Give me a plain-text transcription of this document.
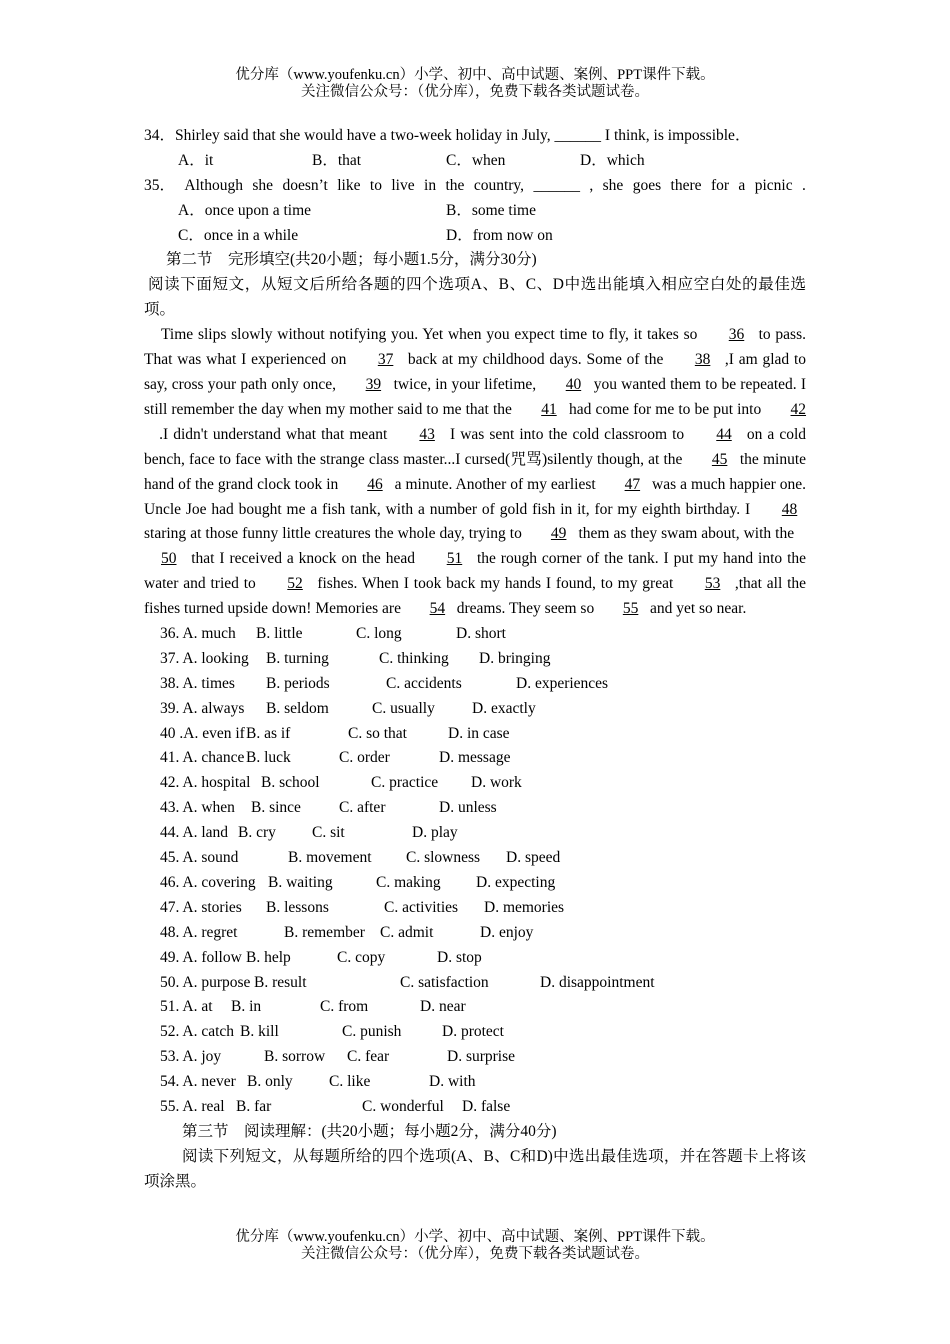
优分库（www.youfenku.cn）小学、初中、高中试题、案例、PPT课件下载。
关注微信公众号：（优分库），免费下载各类试题试卷。
34．Shirley said that she would have a two-week holiday in July, ______ I think, is impossible．
A．it	B．that	C．when	D．which
35． Although she doesn’t like to live in the country, ______ , she goes there for a picnic .
A．once upon a time	B．some time
C．once in a while	D．from now on
第二节　完形填空(共20小题；每小题1.5分，满分30分)
阅读下面短文，从短文后所给各题的四个选项A、B、C、D中选出能填入相应空白处的最佳选项。
Time slips slowly without notifying you. Yet when you expect time to fly, it takes so   36   to pass. That was what I experienced on   37   back at my childhood days. Some of the   38   ,I am glad to say, cross your path only once,   39   twice, in your lifetime,   40   you wanted them to be repeated. I still remember the day when my mother said to me that the   41   had come for me to be put into   42   .I didn't understand what that meant   43   I was sent into the cold classroom to   44   on a cold bench, face to face with the strange class master...I cursed(咒骂)silently though, at the   45   the minute hand of the grand clock took in   46   a minute. Another of my earliest   47   was a much happier one. Uncle Joe had bought me a fish tank, with a number of gold fish in it, for my eighth birthday. I   48   staring at those funny little creatures the whole day, trying to   49   them as they swam about, with the   50   that I received a knock on the head   51   the rough corner of the tank. I put my hand into the water and tried to   52   fishes. When I took back my hands I found, to my great   53   ,that all the fishes turned upside down! Memories are   54   dreams. They seem so   55   and yet so near.
36. A. much	B. little	C. long	D. short
37. A. looking	B. turning	C. thinking	D. bringing
38. A. times	B. periods	C. accidents	D. experiences
39. A. always	B. seldom	C. usually	D. exactly
40 .A. even if B. as if	C. so that	D. in case
41. A. chance B. luck	C. order	D. message
42. A. hospital B. school	C. practice	D. work
43. A. when	B. since	C. after	D. unless
44. A. land B. cry	C. sit	D. play
45. A. sound	B. movement	C. slowness	D. speed
46. A. covering B. waiting	C. making	D. expecting
47. A. stories	B. lessons	C. activities	D. memories
48. A. regret	B. remember C. admit	D. enjoy
49. A. follow B. help	C. copy	D. stop
50. A. purpose B. result	C. satisfaction	D. disappointment
51. A. at	B. in	C. from	D. near
52. A. catch B. kill	C. punish	D. protect
53. A. joy	B. sorrow	C. fear	D. surprise
54. A. never B. only	C. like	D. with
55. A. real B. far	C. wonderful	D. false
第三节　阅读理解：(共20小题；每小题2分，满分40分)
阅读下列短文，从每题所给的四个选项(A、B、C和D)中选出最佳选项，并在答题卡上将该项涂黑。
优分库（www.youfenku.cn）小学、初中、高中试题、案例、PPT课件下载。
关注微信公众号：（优分库），免费下载各类试题试卷。
